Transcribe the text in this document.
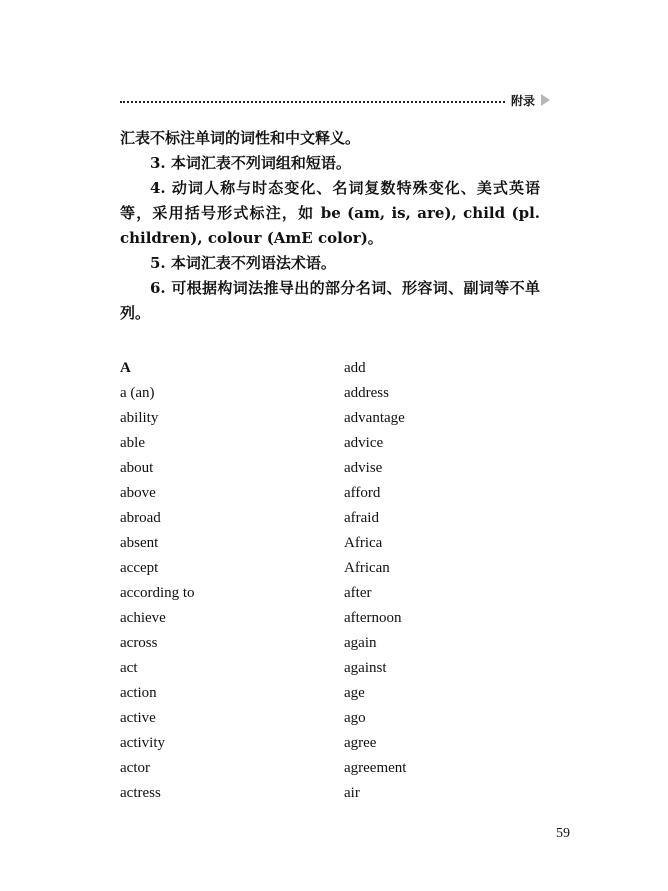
附录

汇表不标注单词的词性和中文释义。

3. 本词汇表不列词组和短语。

4. 动词人称与时态变化、名词复数特殊变化、美式英语等，采用括号形式标注，如 be (am, is, are), child (pl. children), colour (AmE color)。

5. 本词汇表不列语法术语。

6. 可根据构词法推导出的部分名词、形容词、副词等不单列。

A
a (an)
ability
able
about
above
abroad
absent
accept
according to
achieve
across
act
action
active
activity
actor
actress
add
address
advantage
advice
advise
afford
afraid
Africa
African
after
afternoon
again
against
age
ago
agree
agreement
air
59
